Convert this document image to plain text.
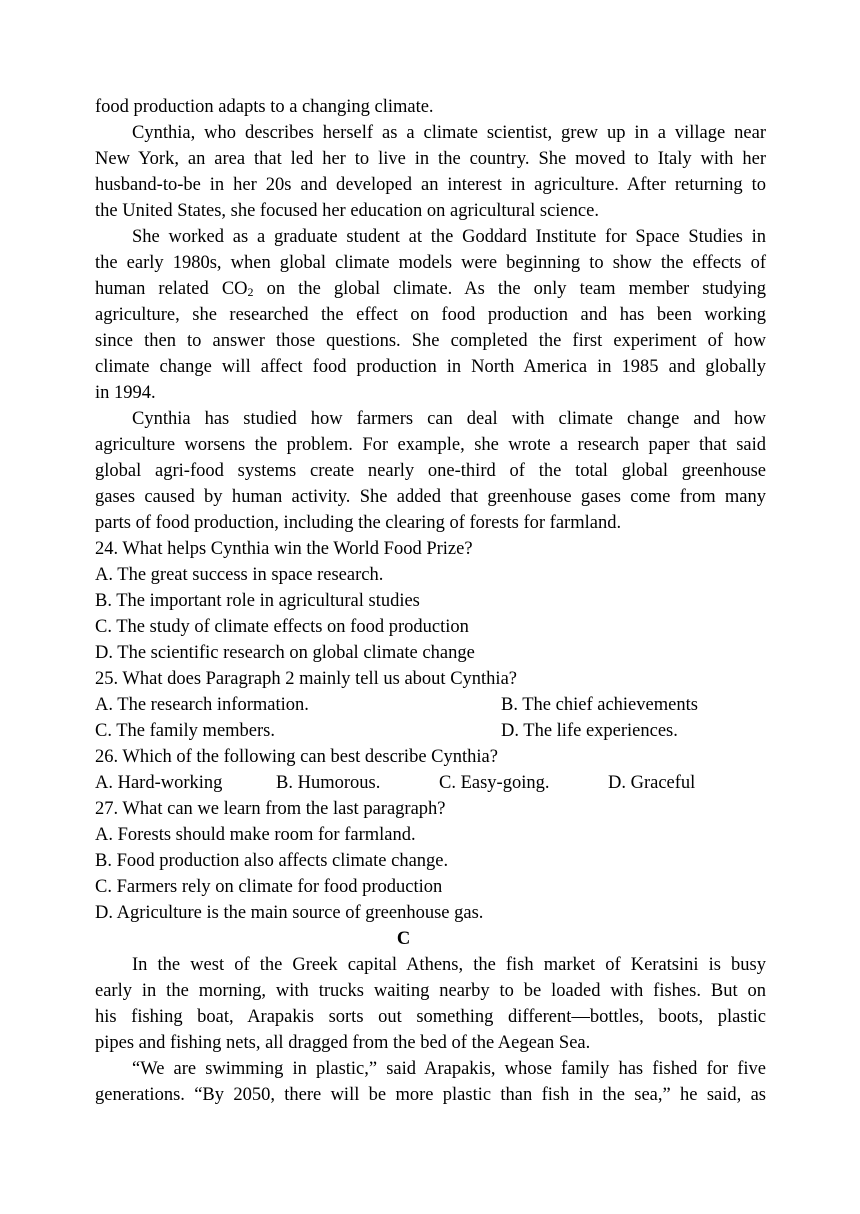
food production adapts to a changing climate.
Cynthia, who describes herself as a climate scientist, grew up in a village near
New York, an area that led her to live in the country. She moved to Italy with her
husband-to-be in her 20s and developed an interest in agriculture. After returning to
the United States, she focused her education on agricultural science.
She worked as a graduate student at the Goddard Institute for Space Studies in
the early 1980s, when global climate models were beginning to show the effects of
human related $CO_2$ on the global climate. As the only team member studying
agriculture, she researched the effect on food production and has been working
since then to answer those questions. She completed the first experiment of how
climate change will affect food production in North America in 1985 and globally
in 1994.
Cynthia has studied how farmers can deal with climate change and how
agriculture worsens the problem. For example, she wrote a research paper that said
global agri-food systems create nearly one-third of the total global greenhouse
gases caused by human activity. She added that greenhouse gases come from many
parts of food production, including the clearing of forests for farmland.
24. What helps Cynthia win the World Food Prize?
A. The great success in space research.
B. The important role in agricultural studies
C. The study of climate effects on food production
D. The scientific research on global climate change
25. What does Paragraph 2 mainly tell us about Cynthia?
A. The research information.	B. The chief achievements
C. The family members.	D. The life experiences.
26. Which of the following can best describe Cynthia?
A. Hard-working	B. Humorous.	C. Easy-going.	D. Graceful
27. What can we learn from the last paragraph?
A. Forests should make room for farmland.
B. Food production also affects climate change.
C. Farmers rely on climate for food production
D. Agriculture is the main source of greenhouse gas.
C
In the west of the Greek capital Athens, the fish market of Keratsini is busy
early in the morning, with trucks waiting nearby to be loaded with fishes. But on
his fishing boat, Arapakis sorts out something different—bottles, boots, plastic
pipes and fishing nets, all dragged from the bed of the Aegean Sea.
“We are swimming in plastic,” said Arapakis, whose family has fished for five
generations. “By 2050, there will be more plastic than fish in the sea,” he said, as
